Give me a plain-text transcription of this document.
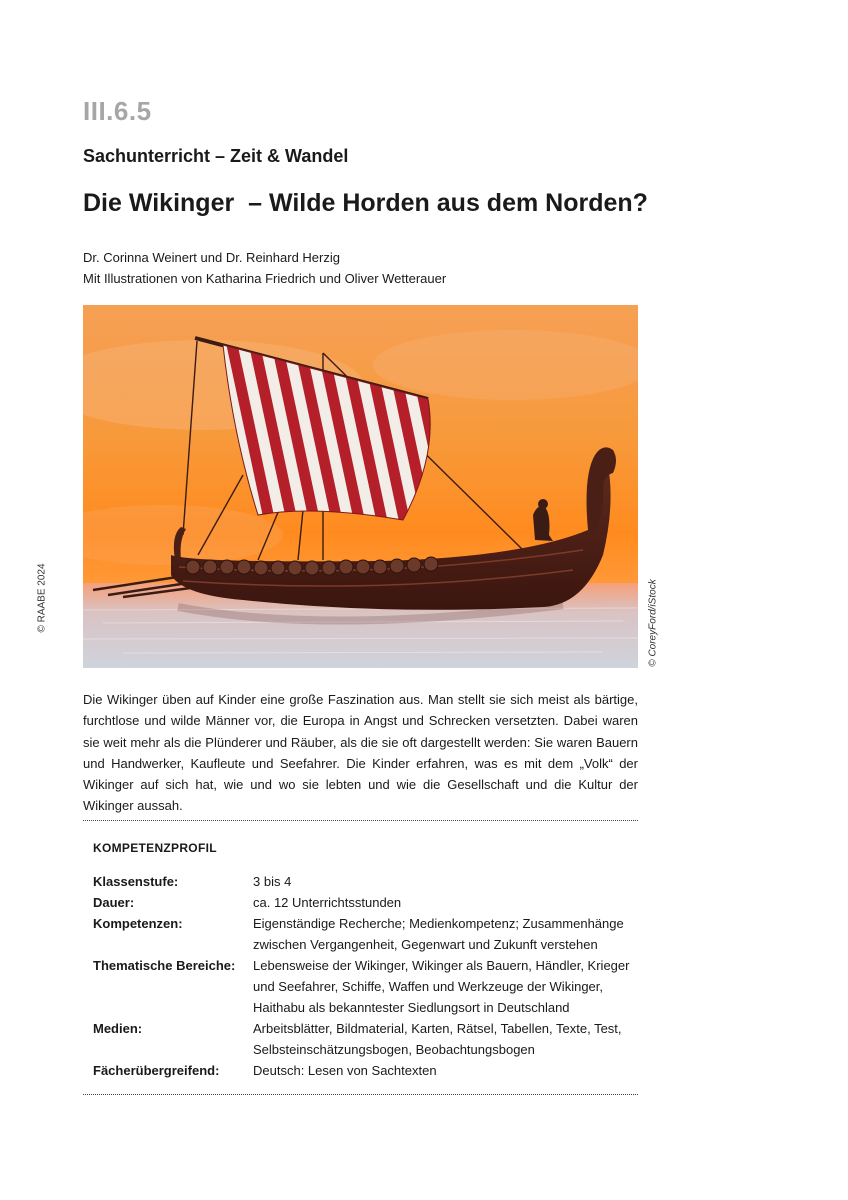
III.6.5
Sachunterricht – Zeit & Wandel
Die Wikinger  – Wilde Horden aus dem Norden?
Dr. Corinna Weinert und Dr. Reinhard Herzig
Mit Illustrationen von Katharina Friedrich und Oliver Wetterauer
© RAABE 2024	© CoreyFord/iStock
Die Wikinger üben auf Kinder eine große Faszination aus. Man stellt sie sich meist als bärtige, furchtlose und wilde Männer vor, die Europa in Angst und Schrecken versetzten. Dabei waren sie weit mehr als die Plünderer und Räuber, als die sie oft dargestellt werden: Sie waren Bauern und Handwerker, Kaufleute und Seefahrer. Die Kinder erfahren, was es mit dem „Volk“ der Wikinger auf sich hat, wie und wo sie lebten und wie die Gesellschaft und die Kultur der Wikinger aussah.
KOMPETENZPROFIL
Klassenstufe:	3 bis 4
Dauer:	ca. 12 Unterrichtsstunden
Kompetenzen:	Eigenständige Recherche; Medienkompetenz; Zusammenhänge zwischen Vergangenheit, Gegenwart und Zukunft verstehen
Thematische Bereiche:	Lebensweise der Wikinger, Wikinger als Bauern, Händler, Krieger und Seefahrer, Schiffe, Waffen und Werkzeuge der Wikinger, Haithabu als bekanntester Siedlungsort in Deutschland
Medien:	Arbeitsblätter, Bildmaterial, Karten, Rätsel, Tabellen, Texte, Test, Selbsteinschätzungsbogen, Beobachtungsbogen
Fächerübergreifend:	Deutsch: Lesen von Sachtexten
